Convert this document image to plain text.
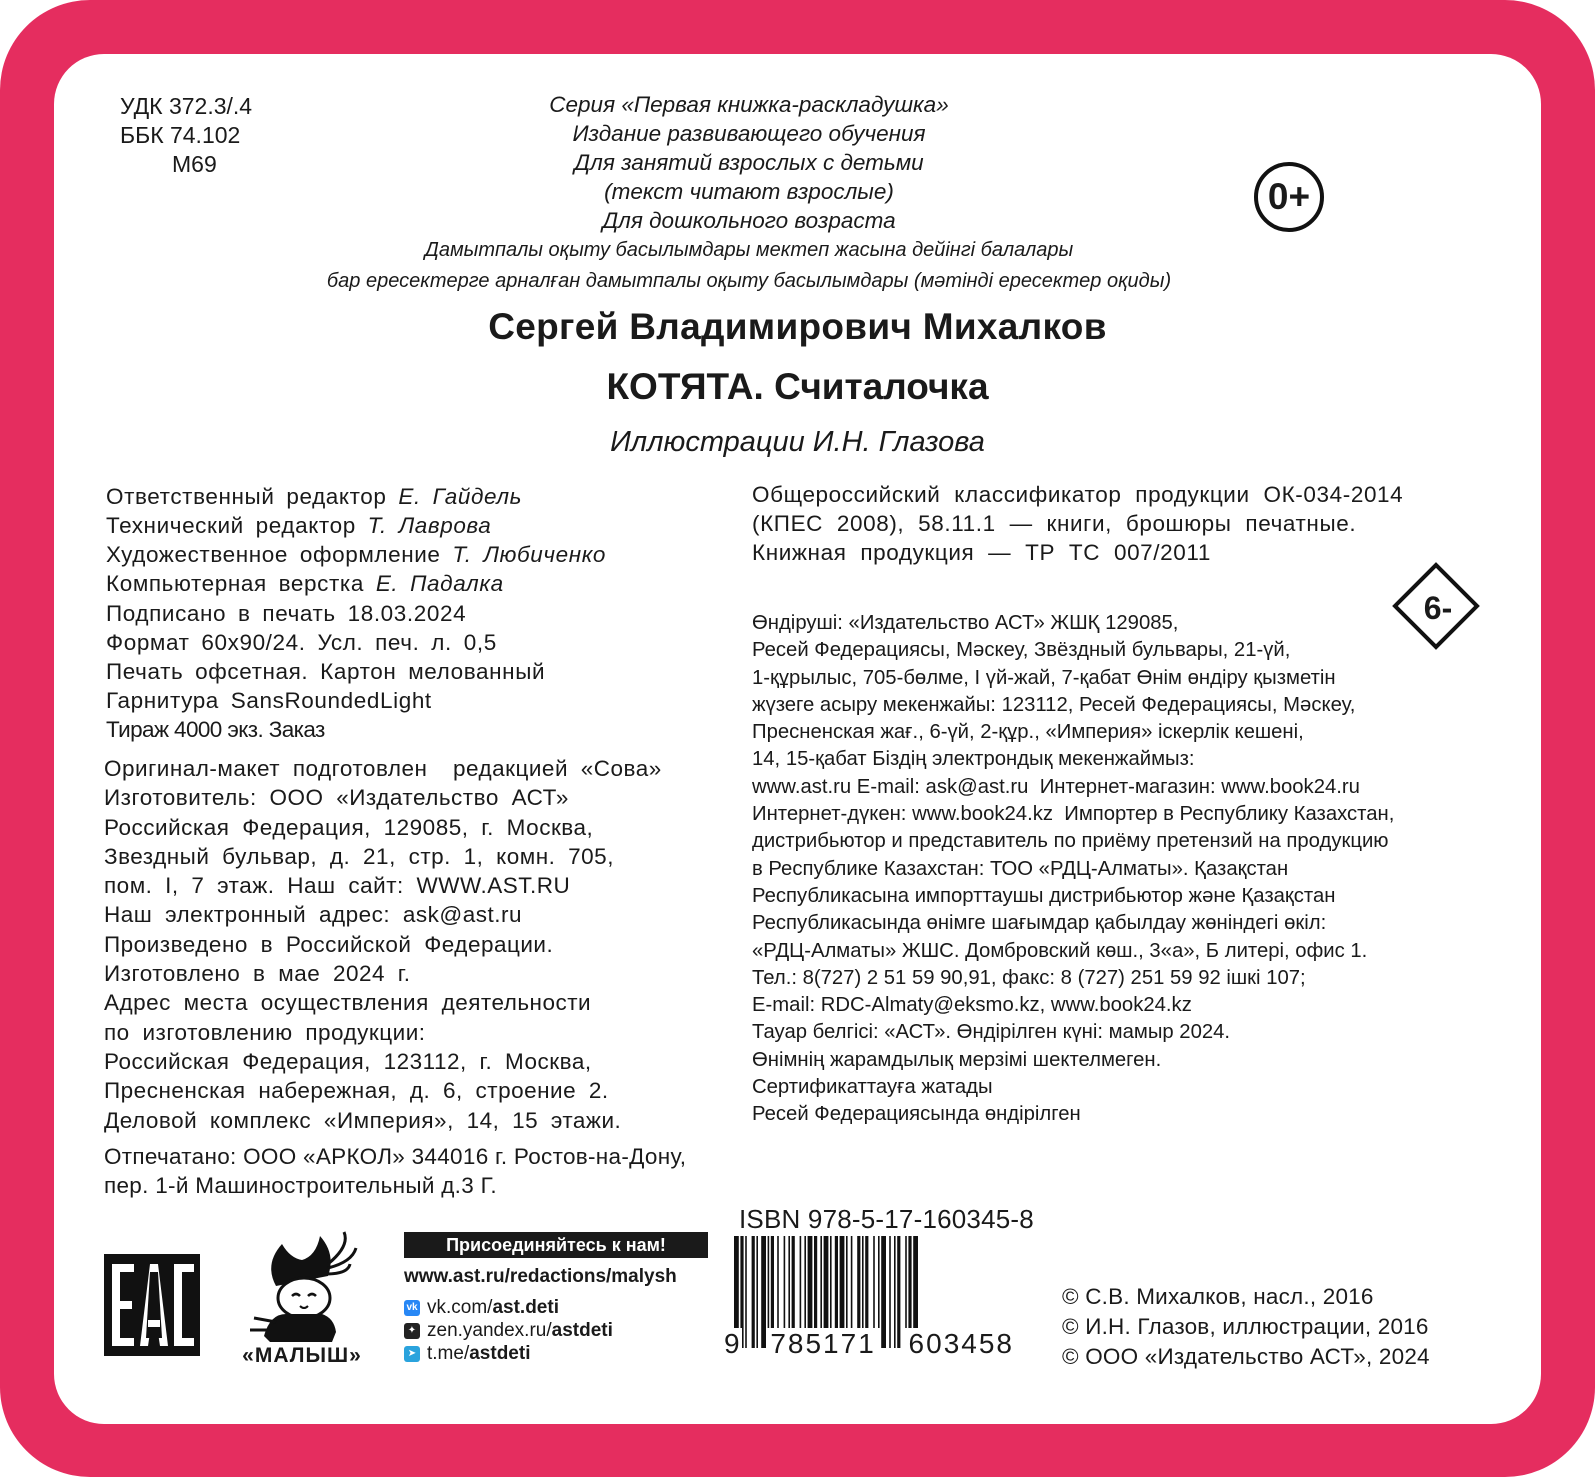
УДК 372.3/.4
ББК 74.102
М69
Серия «Первая книжка-раскладушка»
Издание развивающего обучения
Для занятий взрослых с детьми
(текст читают взрослые)
Для дошкольного возраста
Дамытпалы оқыту басылымдары мектеп жасына дейінгі балалары
бар ересектерге арналған дамытпалы оқыту басылымдары (мәтінді ересектер оқиды)
0+
Сергей Владимирович Михалков
КОТЯТА. Считалочка
Иллюстрации И.Н. Глазова
Ответственный редактор Е. Гайдель
Технический редактор Т. Лаврова
Художественное оформление Т. Любиченко
Компьютерная верстка Е. Падалка
Подписано в печать 18.03.2024
Формат 60x90/24. Усл. печ. л. 0,5
Печать офсетная. Картон мелованный
Гарнитура SansRoundedLight
Тираж 4000 экз. Заказ
Оригинал-макет подготовлен  редакцией «Сова»
Изготовитель: ООО «Издательство АСТ»
Российская Федерация, 129085, г. Москва,
Звездный бульвар, д. 21, стр. 1, комн. 705,
пом. I, 7 этаж. Наш сайт: WWW.AST.RU
Наш электронный адрес: ask@ast.ru
Произведено в Российской Федерации.
Изготовлено в мае 2024 г.
Адрес места осуществления деятельности
по изготовлению продукции:
Российская Федерация, 123112, г. Москва,
Пресненская набережная, д. 6, строение 2.
Деловой комплекс «Империя», 14, 15 этажи.
Отпечатано: ООО «АРКОЛ» 344016 г. Ростов-на-Дону,
пер. 1-й Машиностроительный д.3 Г.
Общероссийский классификатор продукции ОК-034-2014
(КПЕС 2008), 58.11.1 — книги, брошюры печатные.
Книжная продукция — ТР ТС 007/2011
6-
Өндіруші: «Издательство АСТ» ЖШҚ 129085,
Ресей Федерациясы, Мәскеу, Звёздный бульвары, 21-үй,
1-құрылыс, 705-бөлме, I үй-жай, 7-қабат Өнім өндіру қызметін
жүзеге асыру мекенжайы: 123112, Ресей Федерациясы, Мәскеу,
Пресненская жағ., 6-үй, 2-құр., «Империя» іскерлік кешені,
14, 15-қабат Біздің электрондық мекенжаймыз:
www.ast.ru E-mail: ask@ast.ru  Интернет-магазин: www.book24.ru
Интернет-дүкен: www.book24.kz  Импортер в Республику Казахстан,
дистрибьютор и представитель по приёму претензий на продукцию
в Республике Казахстан: ТОО «РДЦ-Алматы». Қазақстан
Республикасына импорттаушы дистрибьютор және Қазақстан
Республикасында өнімге шағымдар қабылдау жөніндегі өкіл:
«РДЦ-Алматы» ЖШС. Домбровский көш., 3«а», Б литері, офис 1.
Тел.: 8(727) 2 51 59 90,91, факс: 8 (727) 251 59 92 ішкі 107;
E-mail: RDC-Almaty@eksmo.kz, www.book24.kz
Тауар белгісі: «АСТ». Өндірілген күні: мамыр 2024.
Өнімнің жарамдылық мерзімі шектелмеген.
Сертификаттауға жатады
Ресей Федерациясында өндірілген
«МАЛЫШ»
Присоединяйтесь к нам!
www.ast.ru/redactions/malysh
vk vk.com/ ast.deti
✦ zen.yandex.ru/ astdeti
➤ t.me/ astdeti
ISBN 978-5-17-160345-8
9 785171 603458
© С.В. Михалков, насл., 2016
© И.Н. Глазов, иллюстрации, 2016
© ООО «Издательство АСТ», 2024
